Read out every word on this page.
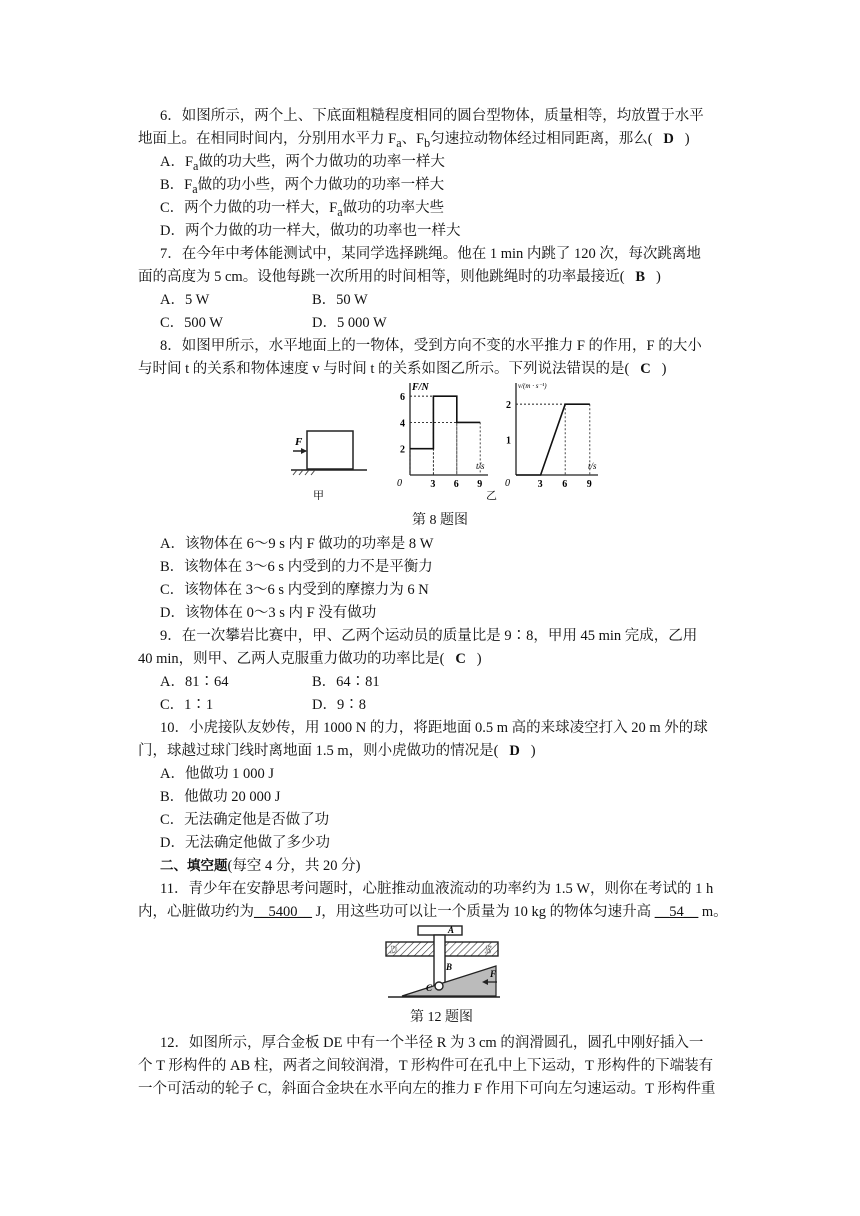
6．如图所示，两个上、下底面粗糙程度相同的圆台型物体，质量相等，均放置于水平
地面上。在相同时间内，分别用水平力 $F_a$、$F_b$匀速拉动物体经过相同距离，那么( D )
A．$F_a$做的功大些，两个力做功的功率一样大
B．$F_a$做的功小些，两个力做功的功率一样大
C．两个力做的功一样大，$F_a$做功的功率大些
D．两个力做的功一样大，做功的功率也一样大
7．在今年中考体能测试中，某同学选择跳绳。他在 1 min 内跳了 120 次，每次跳离地
面的高度为 5 cm。设他每跳一次所用的时间相等，则他跳绳时的功率最接近( B )
A．5 W	B．50 W
C．500 W	D．5 000 W
8．如图甲所示，水平地面上的一物体，受到方向不变的水平推力 F 的作用，F 的大小
与时间 t 的关系和物体速度 v 与时间 t 的关系如图乙所示。下列说法错误的是( C )
F
甲
F/N
t/s
0	3 6 9
2
4
6
v/(m · s⁻¹)
t/s
0	3 6 9
1
2
乙
第 8 题图
A．该物体在 6～9 s 内 F 做功的功率是 8 W
B．该物体在 3～6 s 内受到的力不是平衡力
C．该物体在 3～6 s 内受到的摩擦力为 6 N
D．该物体在 0～3 s 内 F 没有做功
9．在一次攀岩比赛中，甲、乙两个运动员的质量比是 9∶8，甲用 45 min 完成，乙用
40 min，则甲、乙两人克服重力做功的功率比是( C )
A．81∶64	B．64∶81
C．1∶1	D．9∶8
10．小虎接队友妙传，用 1000 N 的力，将距地面 0.5 m 高的来球凌空打入 20 m 外的球
门，球越过球门线时离地面 1.5 m，则小虎做功的情况是( D )
A．他做功 1 000 J
B．他做功 20 000 J
C．无法确定他是否做了功
D．无法确定他做了多少功
二、填空题(每空 4 分，共 20 分)
11．青少年在安静思考问题时，心脏推动血液流动的功率约为 1.5 W，则你在考试的 1 h
内，心脏做功约为__5400__ J，用这些功可以让一个质量为 10 kg 的物体匀速升高 __54__ m。
A
D	E
B
C
F
第 12 题图
12．如图所示，厚合金板 DE 中有一个半径 R 为 3 cm 的润滑圆孔，圆孔中刚好插入一
个 T 形构件的 AB 柱，两者之间较润滑，T 形构件可在孔中上下运动，T 形构件的下端装有
一个可活动的轮子 C，斜面合金块在水平向左的推力 F 作用下可向左匀速运动。T 形构件重
